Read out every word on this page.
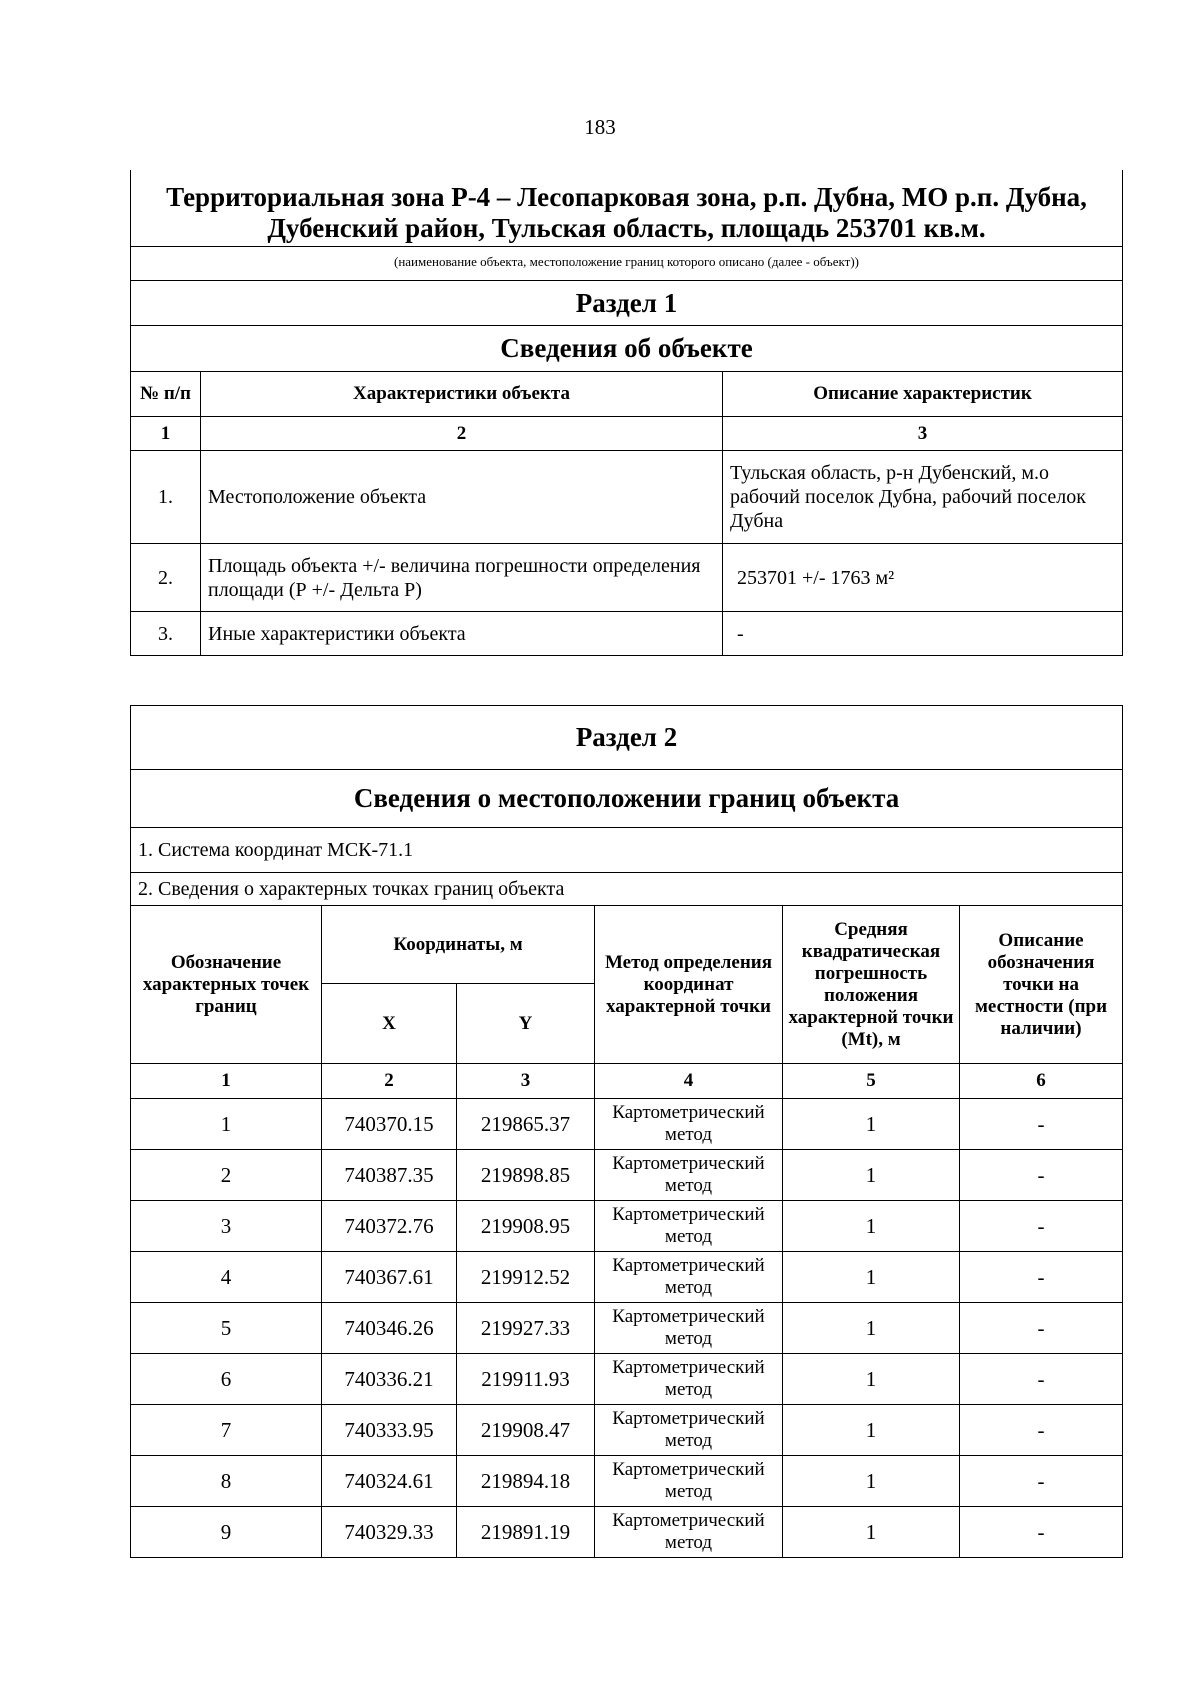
183
Территориальная зона Р-4 – Лесопарковая зона, р.п. Дубна, МО р.п. Дубна, Дубенский район, Тульская область, площадь 253701 кв.м.		
(наименование объекта, местоположение границ которого описано (далее - объект))		
Раздел 1		
Сведения об объекте		
№ п/п	Характеристики объекта	Описание характеристик
1	2	3
1.	Местоположение объекта	Тульская область, р-н Дубенский, м.о рабочий поселок Дубна, рабочий поселок Дубна
2.	Площадь объекта +/- величина погрешности определения площади (Р +/- Дельта Р)	253701 +/- 1763 м²
3.	Иные характеристики объекта	-
Раздел 2					
Сведения о местоположении границ объекта					
1. Система координат МСК-71.1					
2. Сведения о характерных точках границ объекта					
Обозначение характерных точек границ	Координаты, м		Метод определения координат характерной точки	Средняя квадратическая погрешность положения характерной точки (Mt), м	Описание обозначения точки на местности (при наличии)
	X	Y			
1	2	3	4	5	6
1	740370.15	219865.37	Картометрический метод	1	-
2	740387.35	219898.85	Картометрический метод	1	-
3	740372.76	219908.95	Картометрический метод	1	-
4	740367.61	219912.52	Картометрический метод	1	-
5	740346.26	219927.33	Картометрический метод	1	-
6	740336.21	219911.93	Картометрический метод	1	-
7	740333.95	219908.47	Картометрический метод	1	-
8	740324.61	219894.18	Картометрический метод	1	-
9	740329.33	219891.19	Картометрический метод	1	-
